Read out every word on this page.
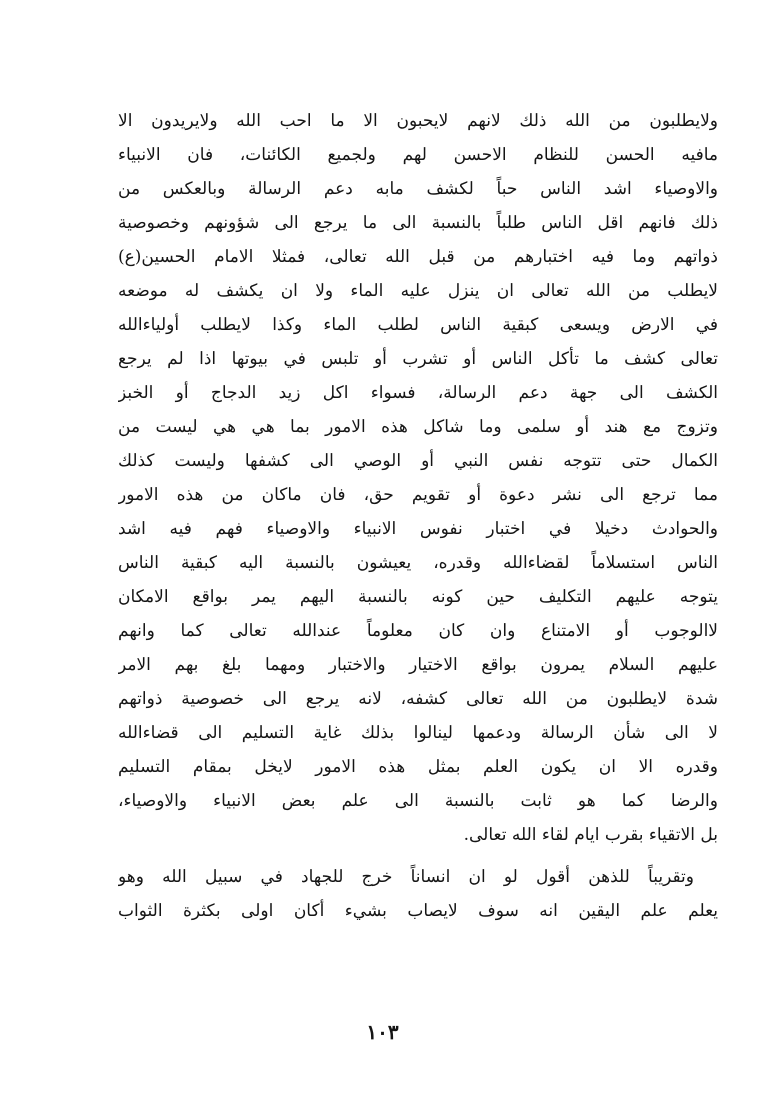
ولايطلبون من الله ذلك لانهم لايحبون الا ما احب الله ولايريدون الا
مافيه الحسن للنظام الاحسن لهم ولجميع الكائنات، فان الانبياء
والاوصياء اشد الناس حباً لكشف مابه دعم الرسالة وبالعكس من
ذلك فانهم اقل الناس طلباً بالنسبة الى ما يرجع الى شؤونهم وخصوصية
ذواتهم وما فيه اختبارهم من قبل الله تعالى، فمثلا الامام الحسين(ع)
لايطلب من الله تعالى ان ينزل عليه الماء ولا ان يكشف له موضعه
في الارض ويسعى كبقية الناس لطلب الماء وكذا لايطلب أولياءالله
تعالى كشف ما تأكل الناس أو تشرب أو تلبس في بيوتها اذا لم يرجع
الكشف الى جهة دعم الرسالة، فسواء اكل زيد الدجاج أو الخبز
وتزوج مع هند أو سلمى وما شاكل هذه الامور بما هي هي ليست من
الكمال حتى تتوجه نفس النبي أو الوصي الى كشفها وليست كذلك
مما ترجع الى نشر دعوة أو تقويم حق، فان ماكان من هذه الامور
والحوادث دخيلا في اختبار نفوس الانبياء والاوصياء فهم فيه اشد
الناس استسلاماً لقضاءالله وقدره، يعيشون بالنسبة اليه كبقية الناس
يتوجه عليهم التكليف حين كونه بالنسبة اليهم يمر بواقع الامكان
لاالوجوب أو الامتناع وان كان معلوماً عندالله تعالى كما وانهم
عليهم السلام يمرون بواقع الاختيار والاختبار ومهما بلغ بهم الامر
شدة لايطلبون من الله تعالى كشفه، لانه يرجع الى خصوصية ذواتهم
لا الى شأن الرسالة ودعمها لينالوا بذلك غاية التسليم الى قضاءالله
وقدره الا ان يكون العلم بمثل هذه الامور لايخل بمقام التسليم
والرضا كما هو ثابت بالنسبة الى علم بعض الانبياء والاوصياء،
بل الاتقياء بقرب ايام لقاء الله تعالى.
وتقريباً للذهن أقول لو ان انساناً خرج للجهاد في سبيل الله وهو
يعلم علم اليقين انه سوف لايصاب بشيء أكان اولى بكثرة الثواب
١٠٣
